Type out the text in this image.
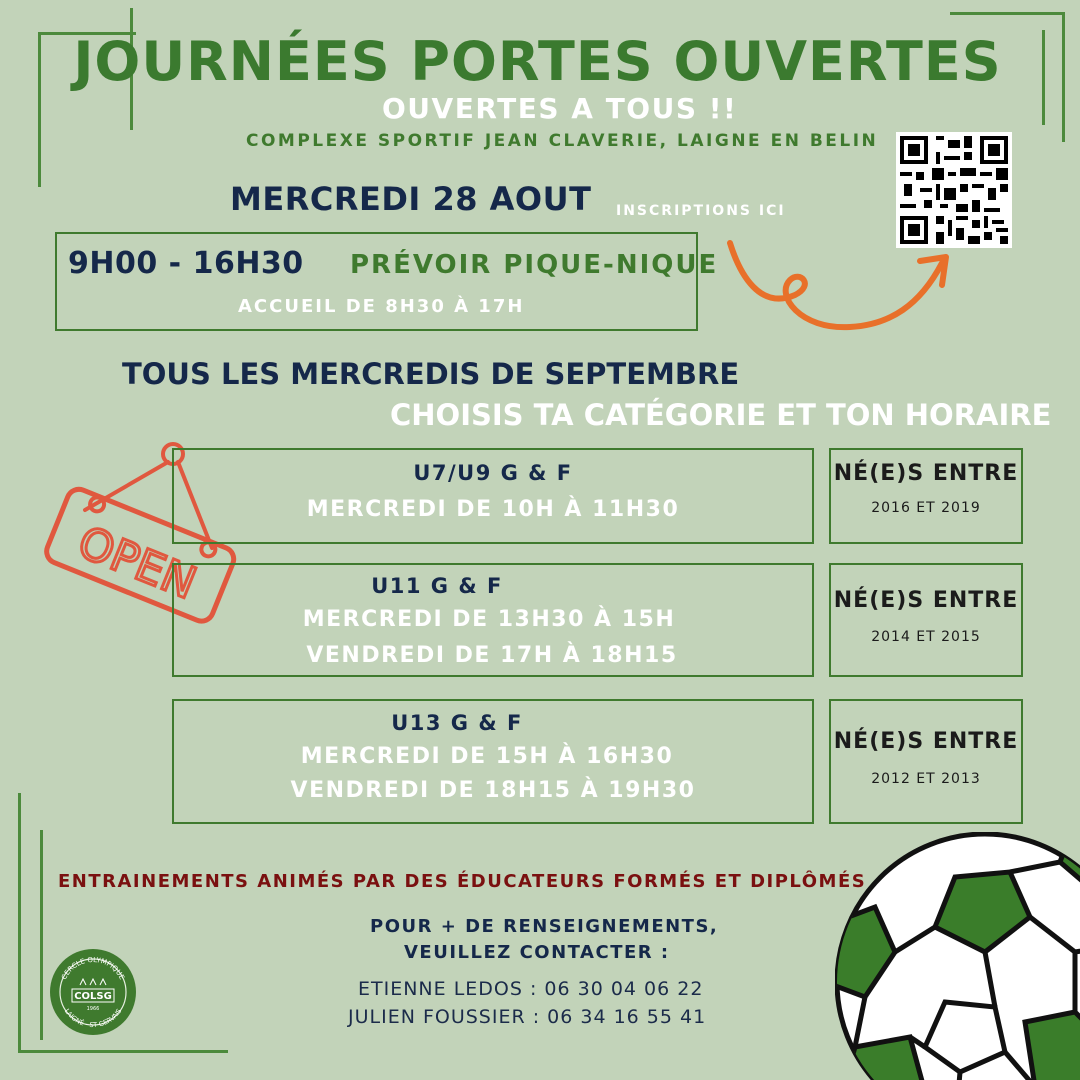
JOURNÉES PORTES OUVERTES
OUVERTES A TOUS !!
COMPLEXE SPORTIF JEAN CLAVERIE, LAIGNE EN BELIN
MERCREDI 28 AOUT INSCRIPTIONS ICI
9H00 - 16H30 PRÉVOIR PIQUE-NIQUE
ACCUEIL DE 8H30 À 17H
TOUS LES MERCREDIS DE SEPTEMBRE
CHOISIS TA CATÉGORIE ET TON HORAIRE
OPEN
U7/U9 G & F
MERCREDI DE 10H À 11H30
NÉ(E)S ENTRE
2016 ET 2019
U11 G & F
MERCREDI DE 13H30 À 15H
VENDREDI DE 17H À 18H15
NÉ(E)S ENTRE
2014 ET 2015
U13 G & F
MERCREDI DE 15H À 16H30
VENDREDI DE 18H15 À 19H30
NÉ(E)S ENTRE
2012 ET 2013
ENTRAINEMENTS ANIMÉS PAR DES ÉDUCATEURS FORMÉS ET DIPLÔMÉS
POUR + DE RENSEIGNEMENTS,
VEUILLEZ CONTACTER :
ETIENNE LEDOS : 06 30 04 06 22
JULIEN FOUSSIER : 06 34 16 55 41
CERCLE OLYMPIQUE
LAIGNÉ - ST GERVAIS
COLSG
1966
